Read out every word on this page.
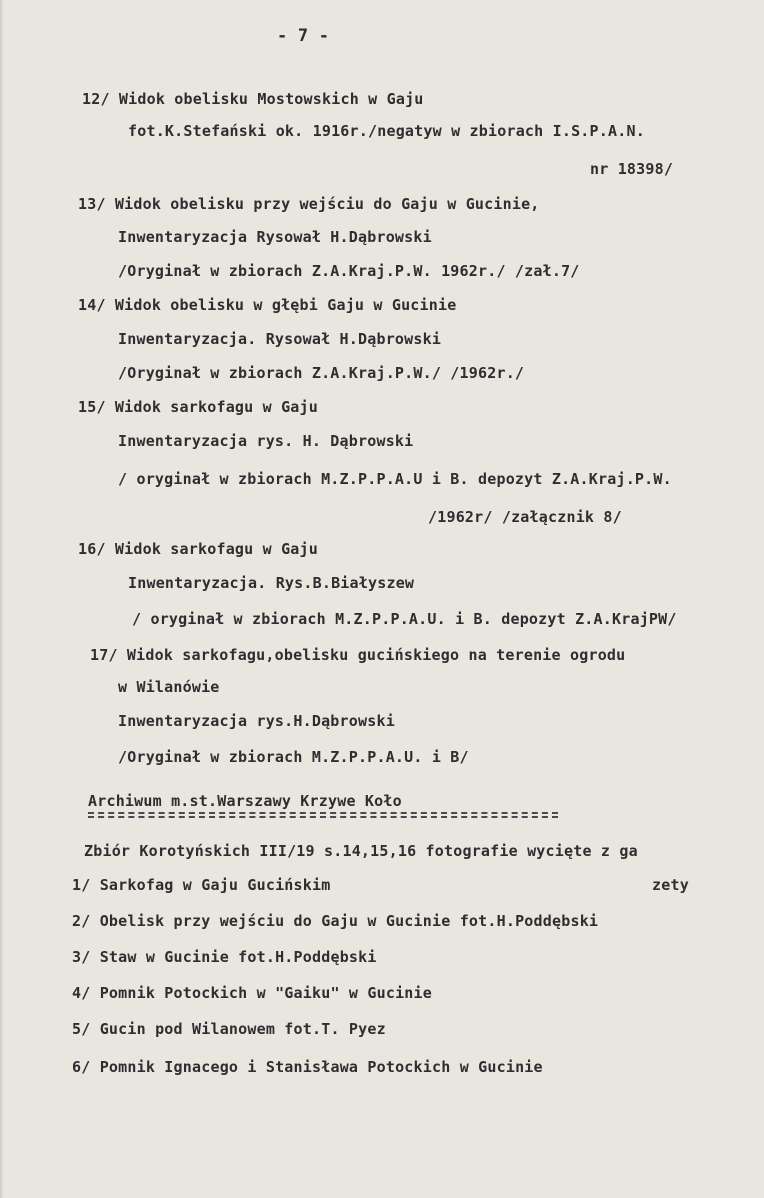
- 7 -
12/ Widok obelisku Mostowskich w Gaju
fot.K.Stefański ok. 1916r./negatyw w zbiorach I.S.P.A.N.
nr 18398/
13/ Widok obelisku przy wejściu do Gaju w Gucinie,
Inwentaryzacja Rysował H.Dąbrowski
/Oryginał w zbiorach Z.A.Kraj.P.W. 1962r./ /zał.7/
14/ Widok obelisku w głębi Gaju w Gucinie
Inwentaryzacja. Rysował H.Dąbrowski
/Oryginał w zbiorach Z.A.Kraj.P.W./ /1962r./
15/ Widok sarkofagu w Gaju
Inwentaryzacja rys. H. Dąbrowski
/ oryginał w zbiorach M.Z.P.P.A.U i B. depozyt Z.A.Kraj.P.W.
/1962r/ /załącznik 8/
16/ Widok sarkofagu w Gaju
Inwentaryzacja. Rys.B.Białyszew
/ oryginał w zbiorach M.Z.P.P.A.U. i B. depozyt Z.A.KrajPW/
17/ Widok sarkofagu,obelisku gucińskiego na terenie ogrodu
w Wilanówie
Inwentaryzacja rys.H.Dąbrowski
/Oryginał w zbiorach M.Z.P.P.A.U. i B/
Archiwum m.st.Warszawy Krzywe Koło
Zbiór Korotyńskich III/19 s.14,15,16 fotografie wycięte z ga
zety
1/ Sarkofag w Gaju Gucińskim
2/ Obelisk przy wejściu do Gaju w Gucinie fot.H.Poddębski
3/ Staw w Gucinie fot.H.Poddębski
4/ Pomnik Potockich w "Gaiku" w Gucinie
5/ Gucin pod Wilanowem fot.T. Pyez
6/ Pomnik Ignacego i Stanisława Potockich w Gucinie
